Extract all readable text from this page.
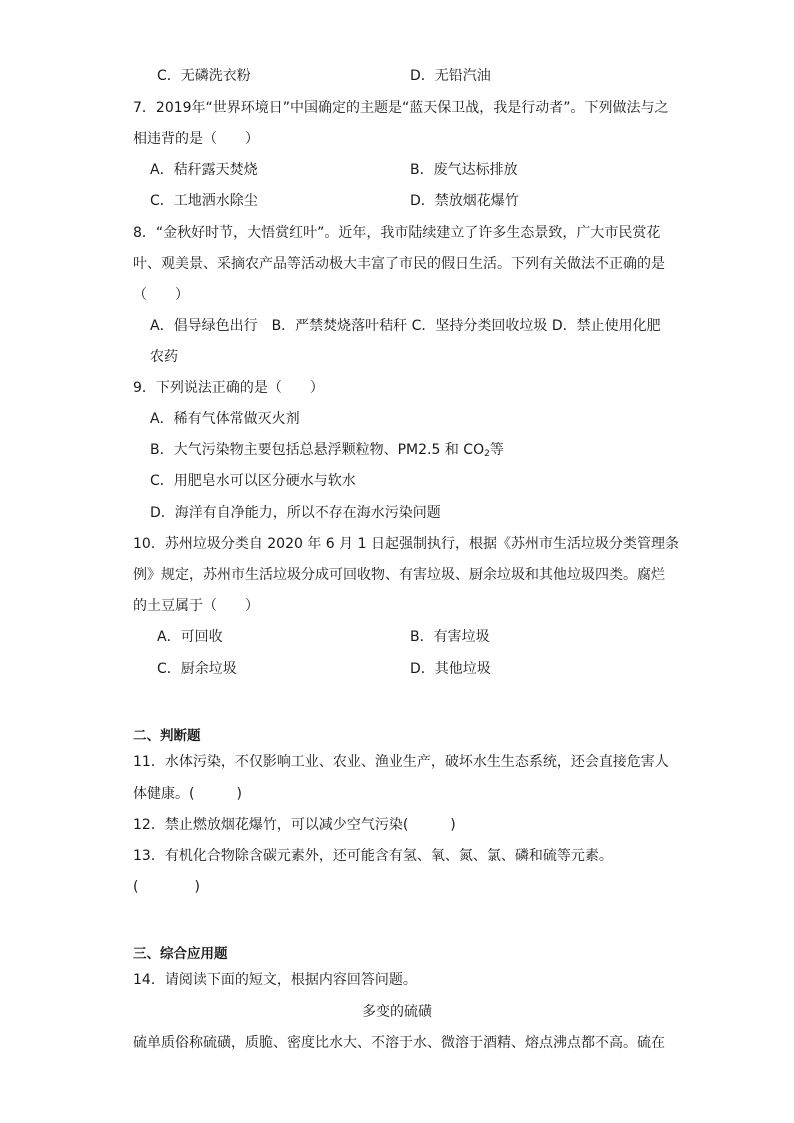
C．无磷洗衣粉	D．无铅汽油
7．2019年“世界环境日”中国确定的主题是“蓝天保卫战，我是行动者”。下列做法与之
相违背的是（　　）
A．秸秆露天焚烧	B．废气达标排放
C．工地洒水除尘	D．禁放烟花爆竹
8．“金秋好时节，大悟赏红叶”。近年，我市陆续建立了许多生态景致，广大市民赏花
叶、观美景、采摘农产品等活动极大丰富了市民的假日生活。下列有关做法不正确的是
（　　）
A．倡导绿色出行　B．严禁焚烧落叶秸秆 C．坚持分类回收垃圾 D．禁止使用化肥
农药
9．下列说法正确的是（　　）
A．稀有气体常做灭火剂
B．大气污染物主要包括总悬浮颗粒物、PM2.5 和 $CO_2$等
C．用肥皂水可以区分硬水与软水
D．海洋有自净能力，所以不存在海水污染问题
10．苏州垃圾分类自 2020 年 6 月 1 日起强制执行，根据《苏州市生活垃圾分类管理条
例》规定，苏州市生活垃圾分成可回收物、有害垃圾、厨余垃圾和其他垃圾四类。腐烂
的土豆属于（　　）
A．可回收	B．有害垃圾
C．厨余垃圾	D．其他垃圾
二、判断题
11．水体污染，不仅影响工业、农业、渔业生产，破坏水生生态系统，还会直接危害人
体健康。(　　　)
12．禁止燃放烟花爆竹，可以减少空气污染(　　　)
13．有机化合物除含碳元素外，还可能含有氢、氧、氮、氯、磷和硫等元素。
(　　　　)
三、综合应用题
14．请阅读下面的短文，根据内容回答问题。
多变的硫磺
硫单质俗称硫磺，质脆、密度比水大、不溶于水、微溶于酒精、熔点沸点都不高。硫在
